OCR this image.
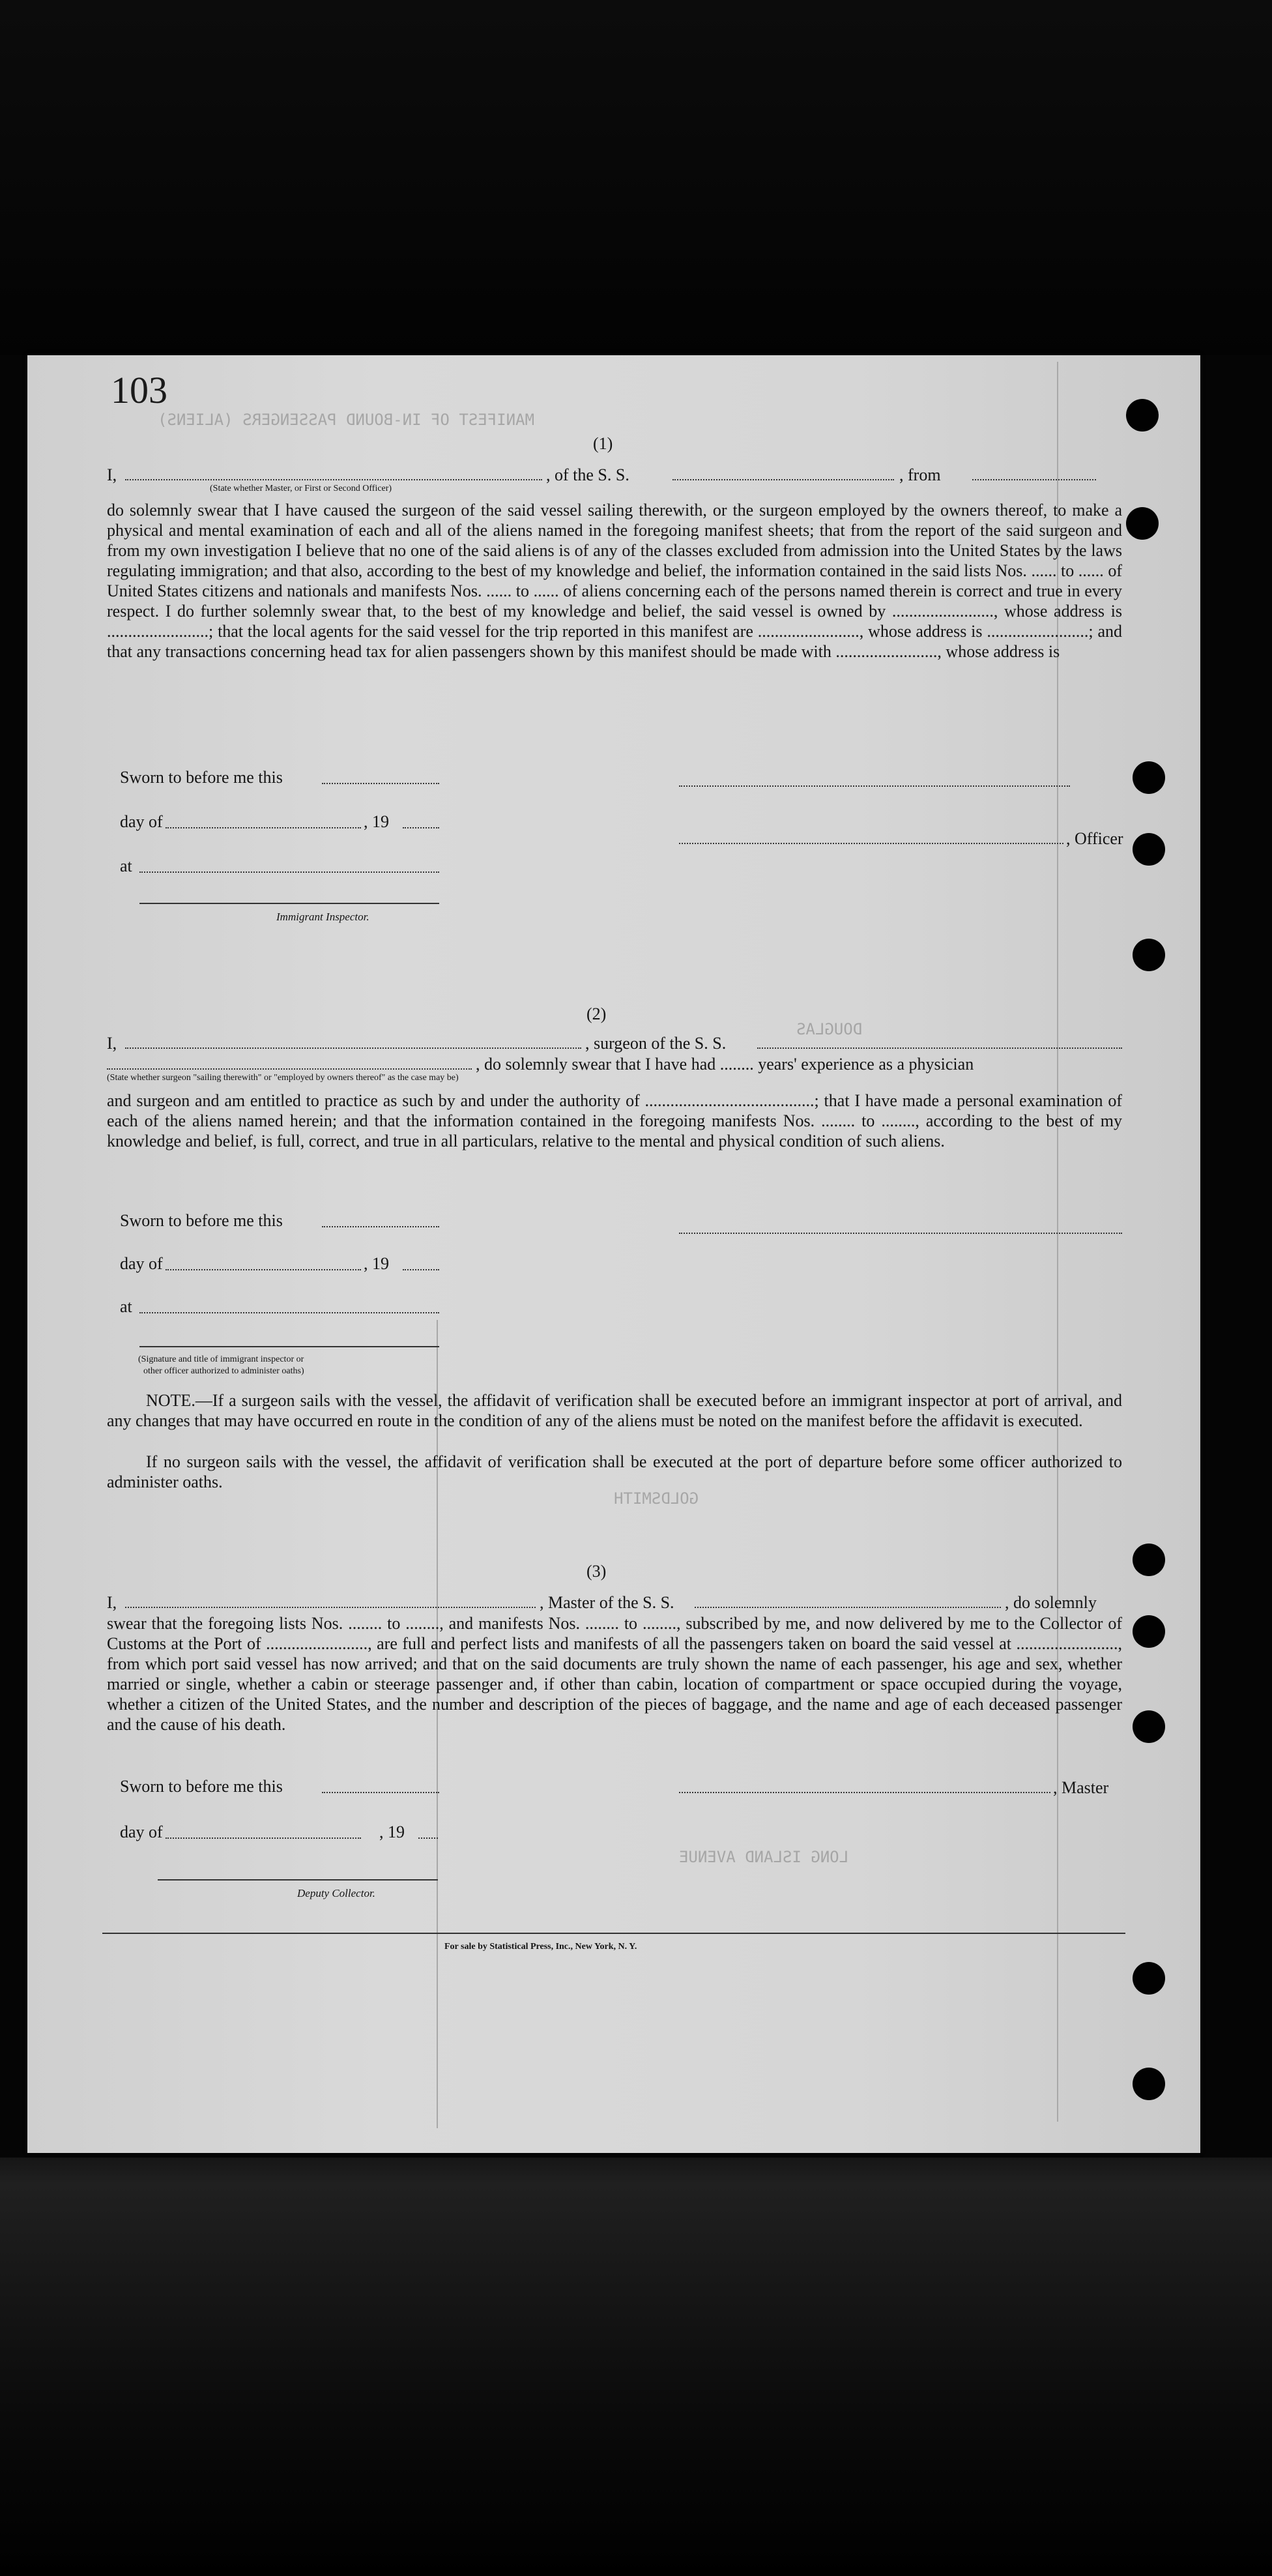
MANIFEST OF IN-BOUND PASSENGERS (ALIENS)
DOUGLAS
GOLDSMITH
LONG ISLAND AVENUE
103
(1)
I,	, of the S. S.	, from
(State whether Master, or First or Second Officer)
do solemnly swear that I have caused the surgeon of the said vessel sailing therewith, or the surgeon employed by the owners thereof, to make a physical and mental examination of each and all of the aliens named in the foregoing manifest sheets; that from the report of the said surgeon and from my own investigation I believe that no one of the said aliens is of any of the classes excluded from admission into the United States by the laws regulating immigration; and that also, according to the best of my knowledge and belief, the information contained in the said lists Nos. ...... to ...... of United States citizens and nationals and manifests Nos. ...... to ...... of aliens concerning each of the persons named therein is correct and true in every respect. I do further solemnly swear that, to the best of my knowledge and belief, the said vessel is owned by ........................, whose address is ........................; that the local agents for the said vessel for the trip reported in this manifest are ........................, whose address is ........................; and that any transactions concerning head tax for alien passengers shown by this manifest should be made with ........................, whose address is
Sworn to before me this
day of	, 19
, Officer
at
Immigrant Inspector.
(2)
I,	, surgeon of the S. S.
, do solemnly swear that I have had ........ years' experience as a physician
(State whether surgeon "sailing therewith" or "employed by owners thereof" as the case may be)
and surgeon and am entitled to practice as such by and under the authority of ........................................; that I have made a personal examination of each of the aliens named herein; and that the information contained in the foregoing manifests Nos. ........ to ........, according to the best of my knowledge and belief, is full, correct, and true in all particulars, relative to the mental and physical condition of such aliens.
Sworn to before me this
day of	, 19
at
(Signature and title of immigrant inspector or
other officer authorized to administer oaths)
NOTE.—If a surgeon sails with the vessel, the affidavit of verification shall be executed before an immigrant inspector at port of arrival, and any changes that may have occurred en route in the condition of any of the aliens must be noted on the manifest before the affidavit is executed.
If no surgeon sails with the vessel, the affidavit of verification shall be executed at the port of departure before some officer authorized to administer oaths.
(3)
I,	, Master of the S. S.	, do solemnly
swear that the foregoing lists Nos. ........ to ........, and manifests Nos. ........ to ........, subscribed by me, and now delivered by me to the Collector of Customs at the Port of ........................, are full and perfect lists and manifests of all the passengers taken on board the said vessel at ........................, from which port said vessel has now arrived; and that on the said documents are truly shown the name of each passenger, his age and sex, whether married or single, whether a cabin or steerage passenger and, if other than cabin, location of compartment or space occupied during the voyage, whether a citizen of the United States, and the number and description of the pieces of baggage, and the name and age of each deceased passenger and the cause of his death.
Sworn to before me this	, Master
day of	, 19
Deputy Collector.
For sale by Statistical Press, Inc., New York, N. Y.
